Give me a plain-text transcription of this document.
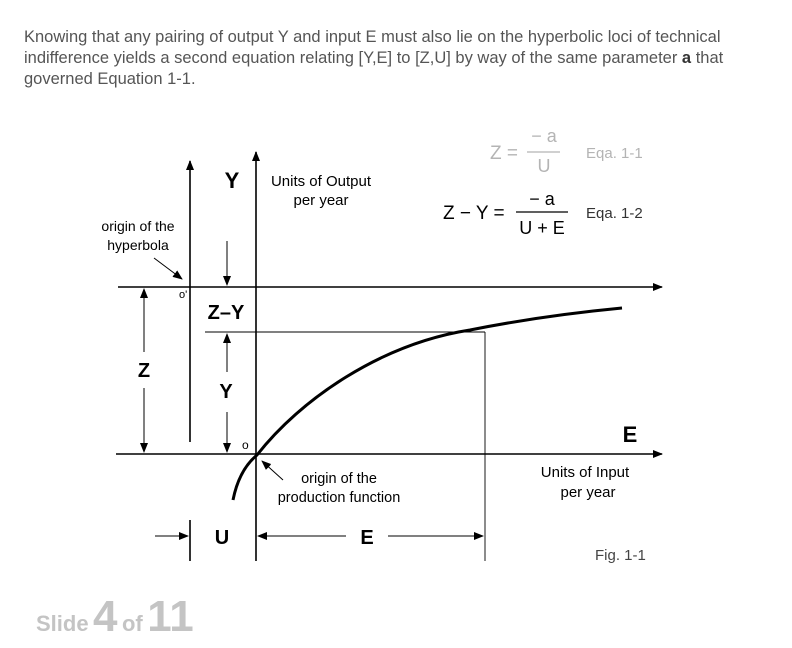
Knowing that any pairing of output Y and input E must also lie on the hyperbolic loci of technical indifference yields a second equation relating [Y,E] to [Z,U] by way of the same parameter a that governed Equation 1-1.
Z =
− a
U
Eqa. 1-1
Z − Y =
− a
U + E
Eqa. 1-2
Y Units of Output
per year
origin of the
hyperbola
o'
Z–Y
Z
Y
o	E
Units of Input
per year
origin of the
production function
U	E
Fig. 1-1
Slide 4 of 11
